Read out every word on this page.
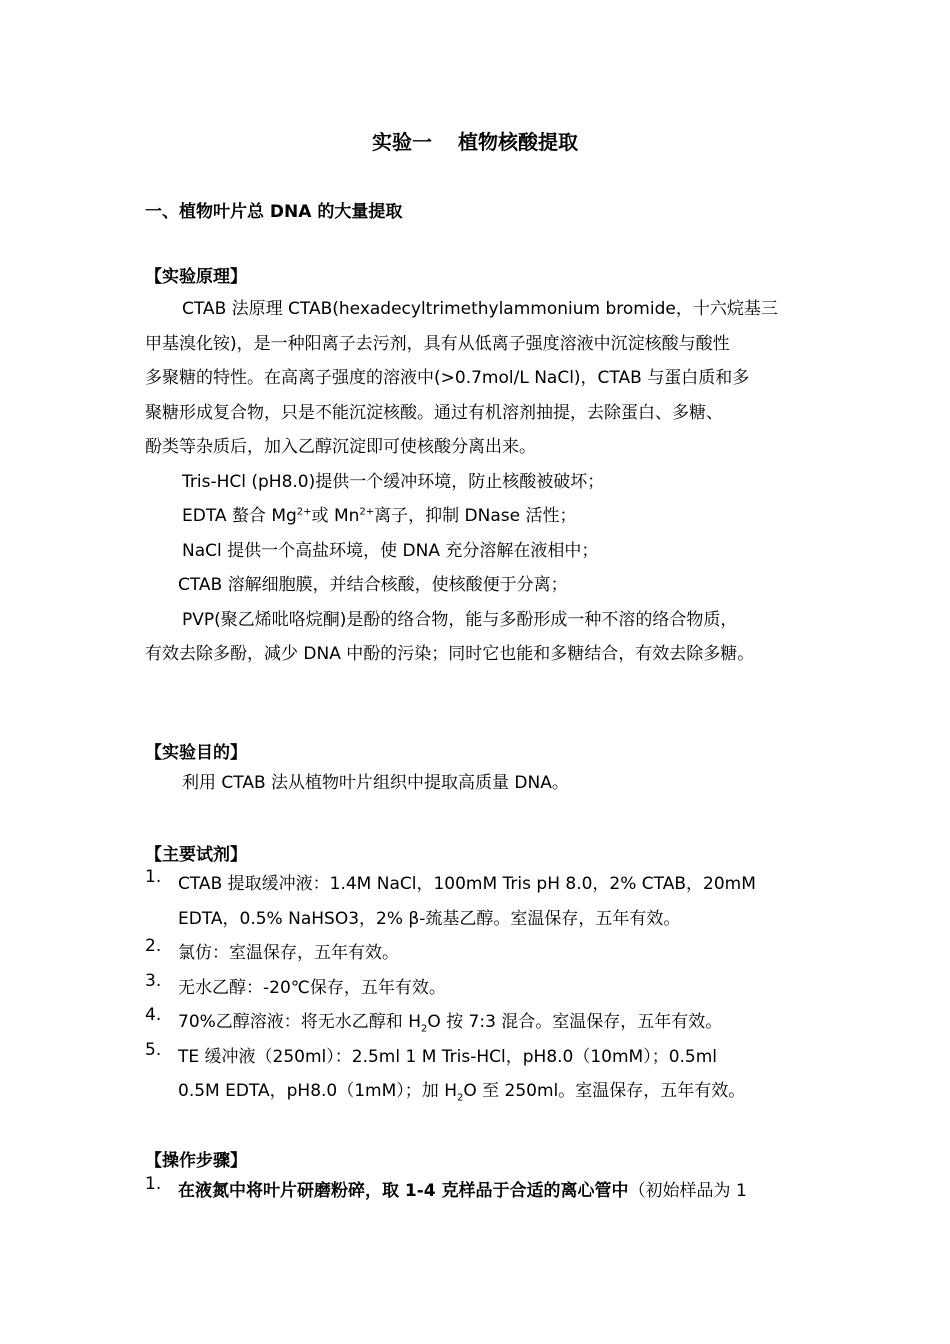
实验一 植物核酸提取
一、植物叶片总 DNA 的大量提取
【实验原理】
CTAB 法原理 CTAB(hexadecyltrimethylammonium bromide，十六烷基三
甲基溴化铵)，是一种阳离子去污剂，具有从低离子强度溶液中沉淀核酸与酸性
多聚糖的特性。在高离子强度的溶液中(>0.7mol/L NaCl)，CTAB 与蛋白质和多
聚糖形成复合物，只是不能沉淀核酸。通过有机溶剂抽提，去除蛋白、多糖、
酚类等杂质后，加入乙醇沉淀即可使核酸分离出来。
Tris-HCl (pH8.0)提供一个缓冲环境，防止核酸被破坏；
EDTA 螯合 $Mg^{2+}$或 $Mn^{2+}$离子，抑制 DNase 活性；
NaCl 提供一个高盐环境，使 DNA 充分溶解在液相中；
CTAB 溶解细胞膜，并结合核酸，使核酸便于分离；
PVP(聚乙烯吡咯烷酮)是酚的络合物，能与多酚形成一种不溶的络合物质，
有效去除多酚，减少 DNA 中酚的污染；同时它也能和多糖结合，有效去除多糖。
【实验目的】
利用 CTAB 法从植物叶片组织中提取高质量 DNA。
【主要试剂】
1. CTAB 提取缓冲液：1.4M NaCl，100mM Tris pH 8.0，2% CTAB，20mM
EDTA，0.5% NaHSO3，2% β-巯基乙醇。室温保存，五年有效。
2. 氯仿：室温保存，五年有效。
3. 无水乙醇：-20℃保存，五年有效。
4. 70%乙醇溶液：将无水乙醇和 $H_2O$ 按 7:3 混合。室温保存，五年有效。
5. TE 缓冲液（250ml）：2.5ml 1 M Tris-HCl，pH8.0（10mM）；0.5ml
0.5M EDTA，pH8.0（1mM）；加 $H_2O$ 至 250ml。室温保存，五年有效。
【操作步骤】
1. 在液氮中将叶片研磨粉碎，取 1-4 克样品于合适的离心管中（初始样品为 1
